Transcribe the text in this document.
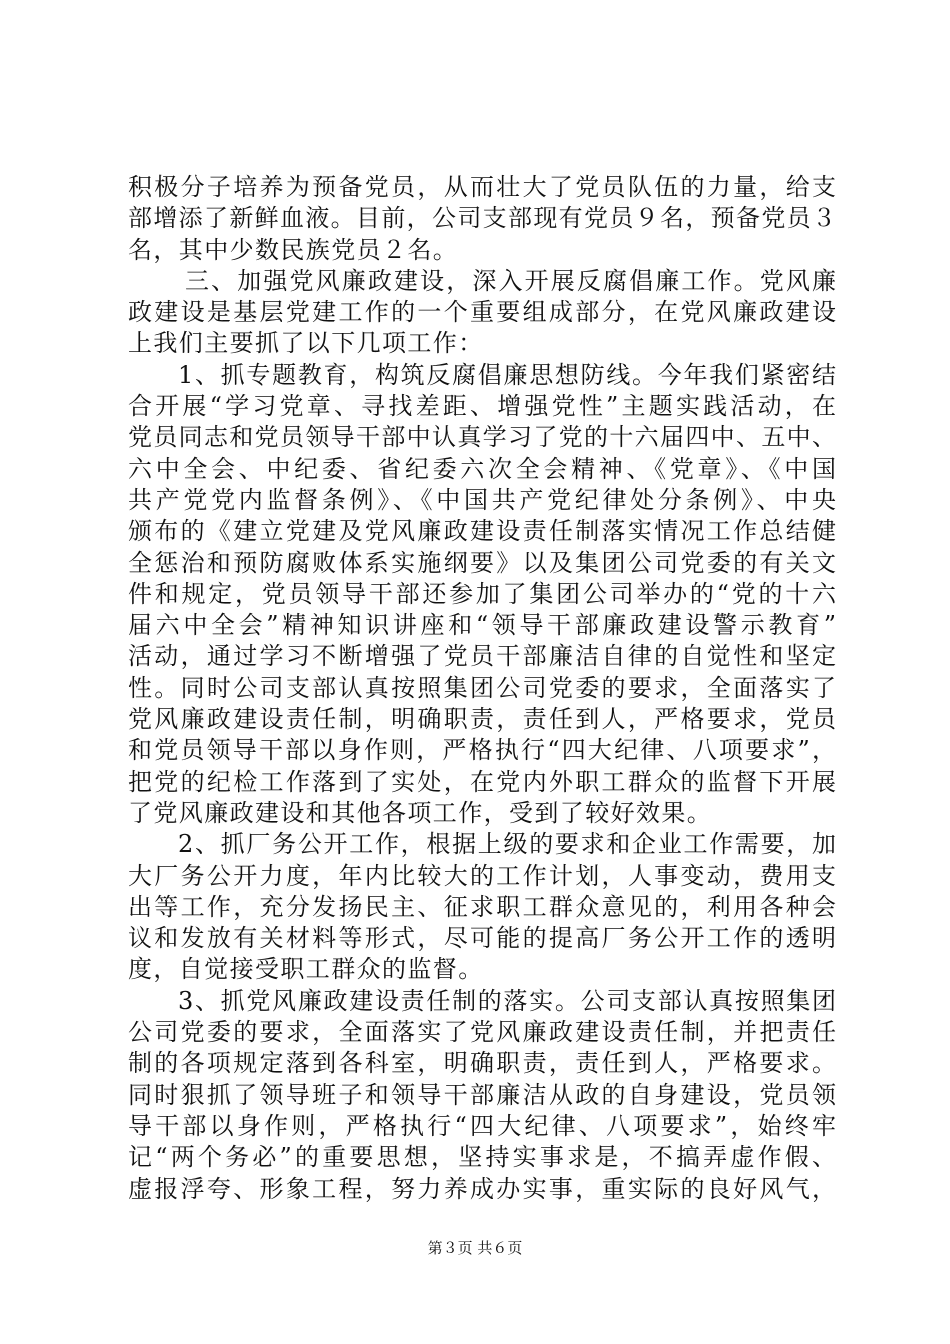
积极分子培养为预备党员，从而壮大了党员队伍的力量，给支
部增添了新鲜血液。目前，公司支部现有党员９名，预备党员３
名，其中少数民族党员２名。
三、加强党风廉政建设，深入开展反腐倡廉工作。党风廉
政建设是基层党建工作的一个重要组成部分，在党风廉政建设
上我们主要抓了以下几项工作：
1、抓专题教育，构筑反腐倡廉思想防线。今年我们紧密结
合开展“学习党章、寻找差距、增强党性”主题实践活动，在
党员同志和党员领导干部中认真学习了党的十六届四中、五中、
六中全会、中纪委、省纪委六次全会精神、《党章》、《中国
共产党党内监督条例》、《中国共产党纪律处分条例》、中央
颁布的《建立党建及党风廉政建设责任制落实情况工作总结健
全惩治和预防腐败体系实施纲要》以及集团公司党委的有关文
件和规定，党员领导干部还参加了集团公司举办的“党的十六
届六中全会”精神知识讲座和“领导干部廉政建设警示教育”
活动，通过学习不断增强了党员干部廉洁自律的自觉性和坚定
性。同时公司支部认真按照集团公司党委的要求，全面落实了
党风廉政建设责任制，明确职责，责任到人，严格要求，党员
和党员领导干部以身作则，严格执行“四大纪律、八项要求”，
把党的纪检工作落到了实处，在党内外职工群众的监督下开展
了党风廉政建设和其他各项工作，受到了较好效果。
2、抓厂务公开工作，根据上级的要求和企业工作需要，加
大厂务公开力度，年内比较大的工作计划，人事变动，费用支
出等工作，充分发扬民主、征求职工群众意见的，利用各种会
议和发放有关材料等形式，尽可能的提高厂务公开工作的透明
度，自觉接受职工群众的监督。
3、抓党风廉政建设责任制的落实。公司支部认真按照集团
公司党委的要求，全面落实了党风廉政建设责任制，并把责任
制的各项规定落到各科室，明确职责，责任到人，严格要求。
同时狠抓了领导班子和领导干部廉洁从政的自身建设，党员领
导干部以身作则，严格执行“四大纪律、八项要求”，始终牢
记“两个务必”的重要思想，坚持实事求是，不搞弄虚作假、
虚报浮夸、形象工程，努力养成办实事，重实际的良好风气，
第３页 共６页
